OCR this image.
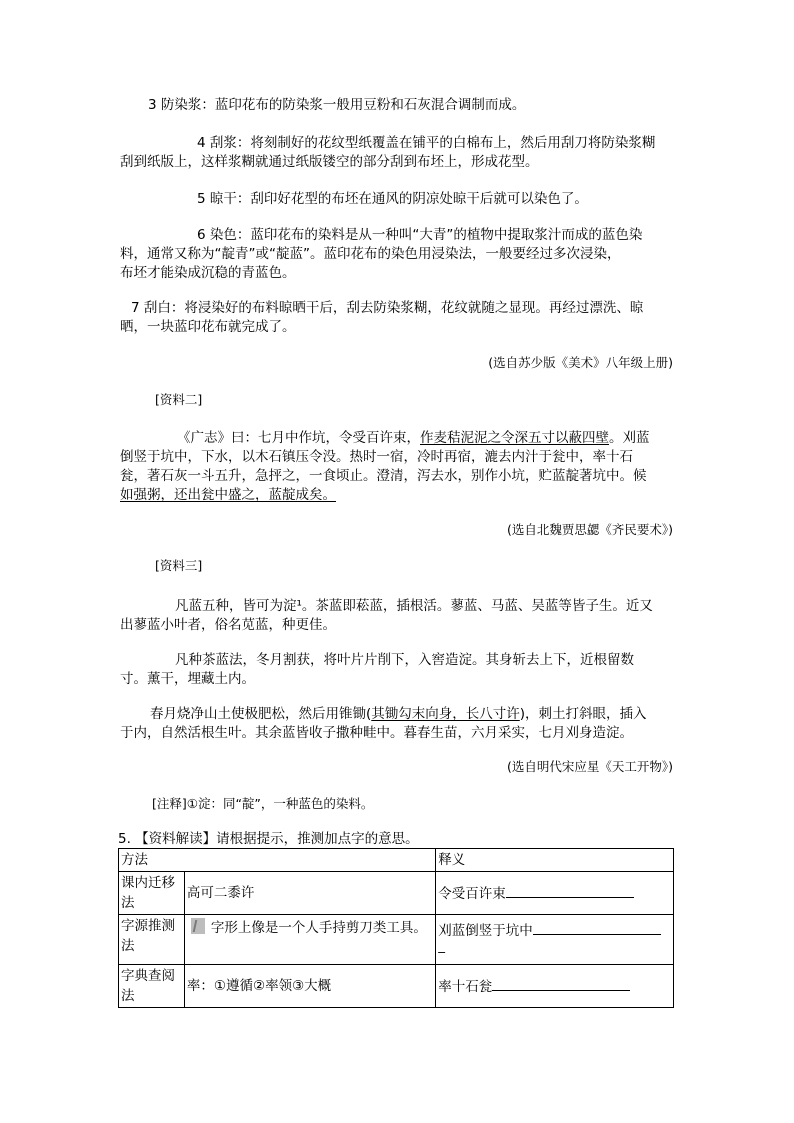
3 防染浆：蓝印花布的防染浆一般用豆粉和石灰混合调制而成。
4 刮浆：将刻制好的花纹型纸覆盖在铺平的白棉布上，然后用刮刀将防染浆糊
刮到纸版上，这样浆糊就通过纸版镂空的部分刮到布坯上，形成花型。
5 晾干：刮印好花型的布坯在通风的阴凉处晾干后就可以染色了。
6 染色：蓝印花布的染料是从一种叫“大青”的植物中提取浆汁而成的蓝色染
料，通常又称为“靛青”或“靛蓝”。蓝印花布的染色用浸染法，一般要经过多次浸染，
布坯才能染成沉稳的青蓝色。
7 刮白：将浸染好的布料晾晒干后，刮去防染浆糊，花纹就随之显现。再经过漂洗、晾
晒，一块蓝印花布就完成了。
(选自苏少版《美术》八年级上册)
[资料二]
《广志》曰：七月中作坑，令受百许束，作麦秸泥泥之令深五寸以蔽四壁。刈蓝
倒竖于坑中，下水，以木石镇压令没。热时一宿，冷时再宿，漉去内汁于瓮中，率十石
瓮，著石灰一斗五升，急抨之，一食顷止。澄清，泻去水，别作小坑，贮蓝靛著坑中。候
如强粥，还出瓮中盛之，蓝靛成矣。
(选自北魏贾思勰《齐民要术》)
[资料三]
凡蓝五种，皆可为淀¹。茶蓝即菘蓝，插根活。蓼蓝、马蓝、吴蓝等皆子生。近又
出蓼蓝小叶者，俗名苋蓝，种更佳。
凡种茶蓝法，冬月割获，将叶片片削下，入窖造淀。其身斩去上下，近根留数
寸。薰干，埋藏土内。
春月烧净山土使极肥松，然后用锥锄(其锄勾末向身，长八寸许)，刺土打斜眼，插入
于内，自然活根生叶。其余蓝皆收子撒种畦中。暮春生苗，六月采实，七月刈身造淀。
(选自明代宋应星《天工开物》)
[注释]①淀：同“靛”，一种蓝色的染料。
5. 【资料解读】请根据提示，推测加点字的意思。
方法		释义
课内迁移法	高可二黍许	令受百许束
字源推测法	字形上像是一个人手持剪刀类工具。	刈蓝倒竖于坑中
_

字典查阅法	率：①遵循②率领③大概	率十石瓮
